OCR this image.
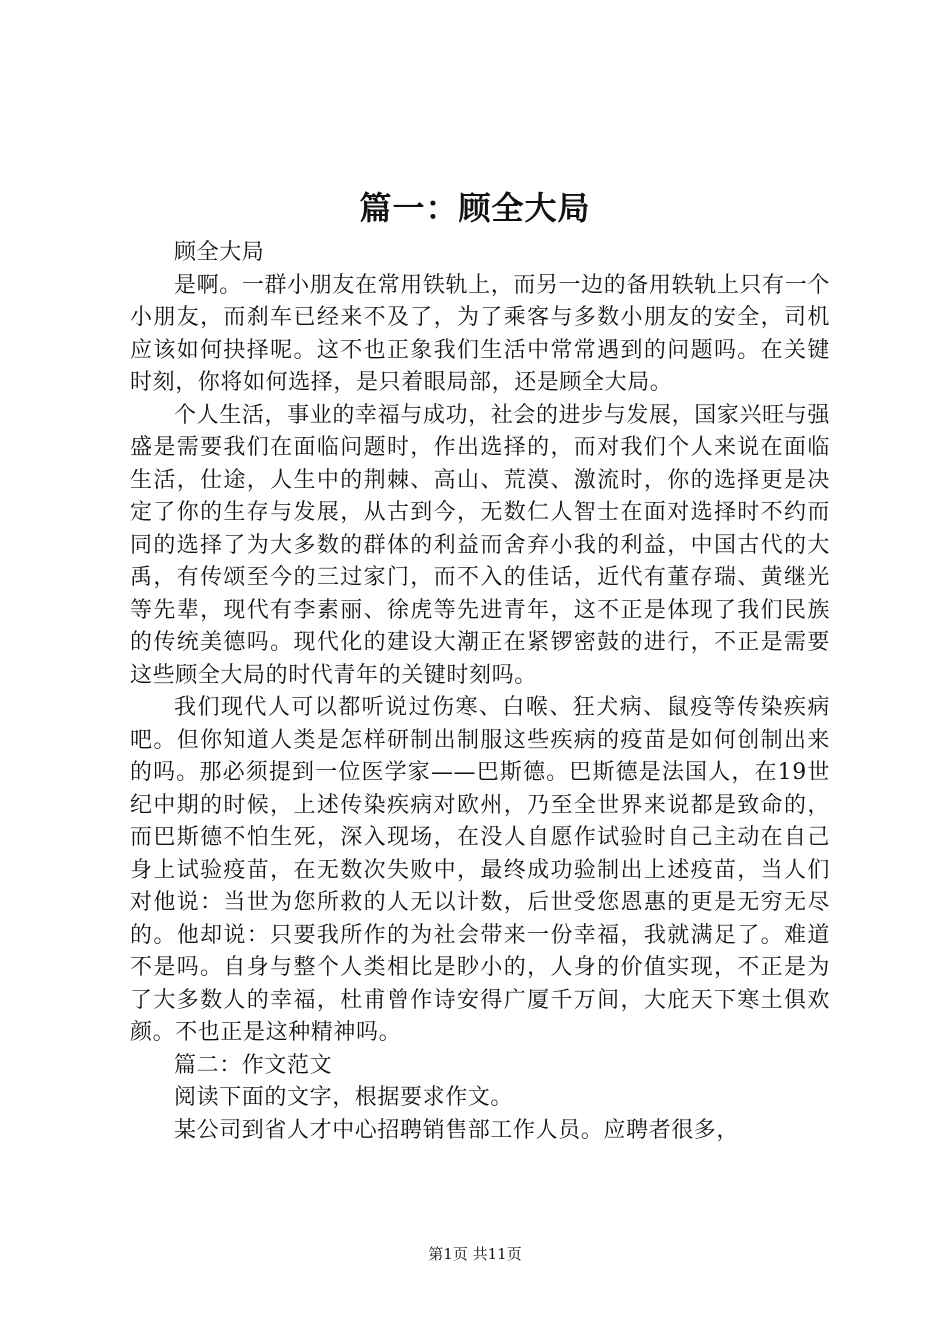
篇一：顾全大局

顾全大局

是啊。一群小朋友在常用铁轨上，而另一边的备用轶轨上只有一个小朋友，而刹车已经来不及了，为了乘客与多数小朋友的安全，司机应该如何抉择呢。这不也正象我们生活中常常遇到的问题吗。在关键时刻，你将如何选择，是只着眼局部，还是顾全大局。

个人生活，事业的幸福与成功，社会的进步与发展，国家兴旺与强盛是需要我们在面临问题时，作出选择的，而对我们个人来说在面临生活，仕途，人生中的荆棘、高山、荒漠、激流时，你的选择更是决定了你的生存与发展，从古到今，无数仁人智士在面对选择时不约而同的选择了为大多数的群体的利益而舍弃小我的利益，中国古代的大禹，有传颂至今的三过家门，而不入的佳话，近代有董存瑞、黄继光等先辈，现代有李素丽、徐虎等先进青年，这不正是体现了我们民族的传统美德吗。现代化的建设大潮正在紧锣密鼓的进行，不正是需要这些顾全大局的时代青年的关键时刻吗。

我们现代人可以都听说过伤寒、白喉、狂犬病、鼠疫等传染疾病吧。但你知道人类是怎样研制出制服这些疾病的疫苗是如何创制出来的吗。那必须提到一位医学家——巴斯德。巴斯德是法国人，在19世纪中期的时候，上述传染疾病对欧州，乃至全世界来说都是致命的，而巴斯德不怕生死，深入现场，在没人自愿作试验时自己主动在自己身上试验疫苗，在无数次失败中，最终成功验制出上述疫苗，当人们对他说：当世为您所救的人无以计数，后世受您恩惠的更是无穷无尽的。他却说：只要我所作的为社会带来一份幸福，我就满足了。难道不是吗。自身与整个人类相比是眇小的，人身的价值实现，不正是为了大多数人的幸福，杜甫曾作诗安得广厦千万间，大庇天下寒土俱欢颜。不也正是这种精神吗。

篇二：作文范文

阅读下面的文字，根据要求作文。

某公司到省人才中心招聘销售部工作人员。应聘者很多，

第1页 共11页
